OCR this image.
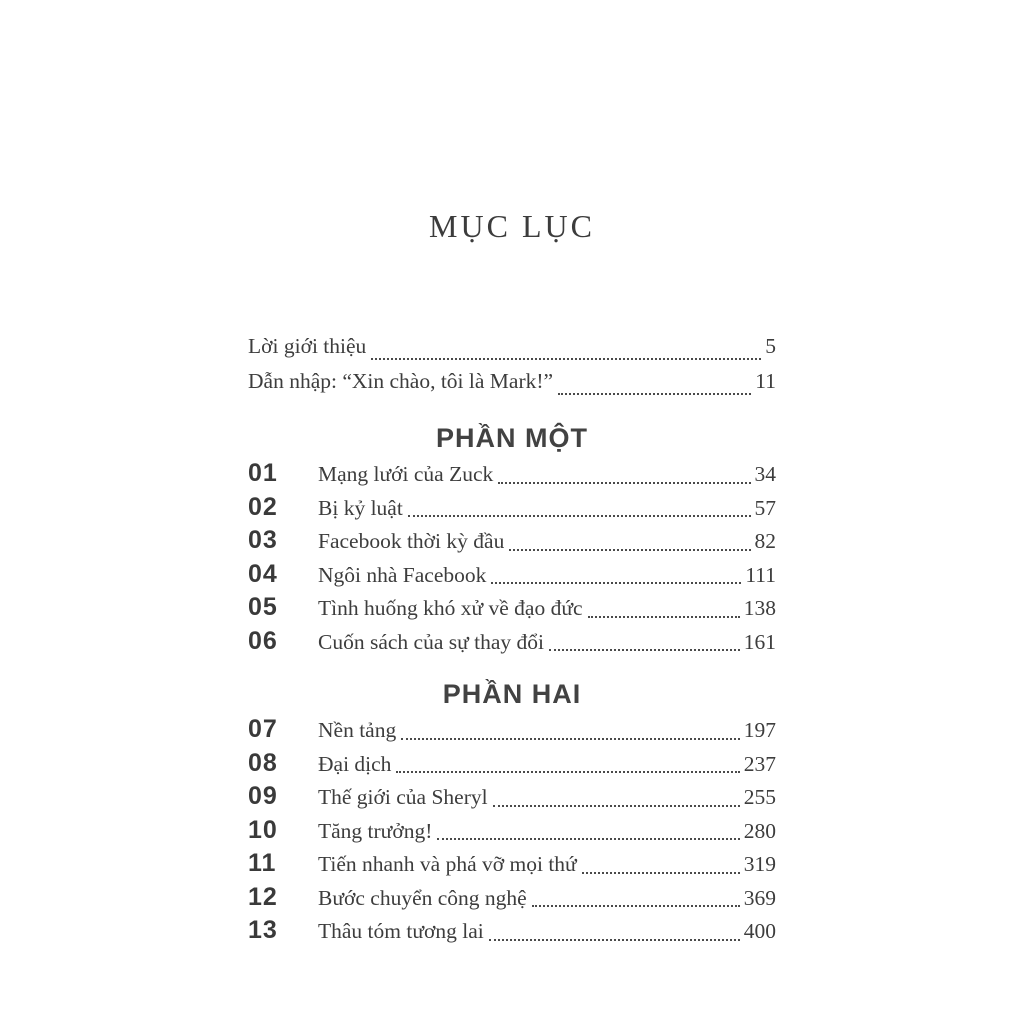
MỤC LỤC
Lời giới thiệu	5
Dẫn nhập: “Xin chào, tôi là Mark!”	11
PHẦN MỘT
01	Mạng lưới của Zuck	34
02	Bị kỷ luật	57
03	Facebook thời kỳ đầu	82
04	Ngôi nhà Facebook	111
05	Tình huống khó xử về đạo đức	138
06	Cuốn sách của sự thay đổi	161
PHẦN HAI
07	Nền tảng	197
08	Đại dịch	237
09	Thế giới của Sheryl	255
10	Tăng trưởng!	280
11	Tiến nhanh và phá vỡ mọi thứ	319
12	Bước chuyển công nghệ	369
13	Thâu tóm tương lai	400
